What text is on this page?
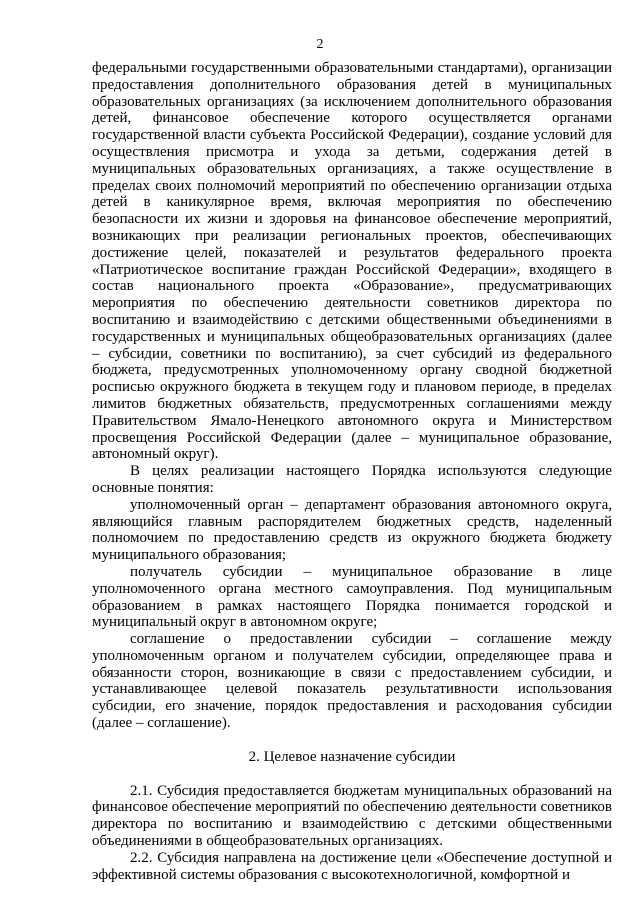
2

федеральными государственными образовательными стандартами), организации предоставления дополнительного образования детей в муниципальных образовательных организациях (за исключением дополнительного образования детей, финансовое обеспечение которого осуществляется органами государственной власти субъекта Российской Федерации), создание условий для осуществления присмотра и ухода за детьми, содержания детей в муниципальных образовательных организациях, а также осуществление в пределах своих полномочий мероприятий по обеспечению организации отдыха детей в каникулярное время, включая мероприятия по обеспечению безопасности их жизни и здоровья на финансовое обеспечение мероприятий, возникающих при реализации региональных проектов, обеспечивающих достижение целей, показателей и результатов федерального проекта «Патриотическое воспитание граждан Российской Федерации», входящего в состав национального проекта «Образование», предусматривающих мероприятия по обеспечению деятельности советников директора по воспитанию и взаимодействию с детскими общественными объединениями в государственных и муниципальных общеобразовательных организациях (далее – субсидии, советники по воспитанию), за счет субсидий из федерального бюджета, предусмотренных уполномоченному органу сводной бюджетной росписью окружного бюджета в текущем году и плановом периоде, в пределах лимитов бюджетных обязательств, предусмотренных соглашениями между Правительством Ямало-Ненецкого автономного округа и Министерством просвещения Российской Федерации (далее – муниципальное образование, автономный округ).

В целях реализации настоящего Порядка используются следующие основные понятия:

уполномоченный орган – департамент образования автономного округа, являющийся главным распорядителем бюджетных средств, наделенный полномочием по предоставлению средств из окружного бюджета бюджету муниципального образования;

получатель субсидии – муниципальное образование в лице уполномоченного органа местного самоуправления. Под муниципальным образованием в рамках настоящего Порядка понимается городской и муниципальный округ в автономном округе;

соглашение о предоставлении субсидии – соглашение между уполномоченным органом и получателем субсидии, определяющее права и обязанности сторон, возникающие в связи с предоставлением субсидии, и устанавливающее целевой показатель результативности использования субсидии, его значение, порядок предоставления и расходования субсидии (далее – соглашение).

2. Целевое назначение субсидии

2.1. Субсидия предоставляется бюджетам муниципальных образований на финансовое обеспечение мероприятий по обеспечению деятельности советников директора по воспитанию и взаимодействию с детскими общественными объединениями в общеобразовательных организациях.

2.2. Субсидия направлена на достижение цели «Обеспечение доступной и эффективной системы образования с высокотехнологичной, комфортной и
